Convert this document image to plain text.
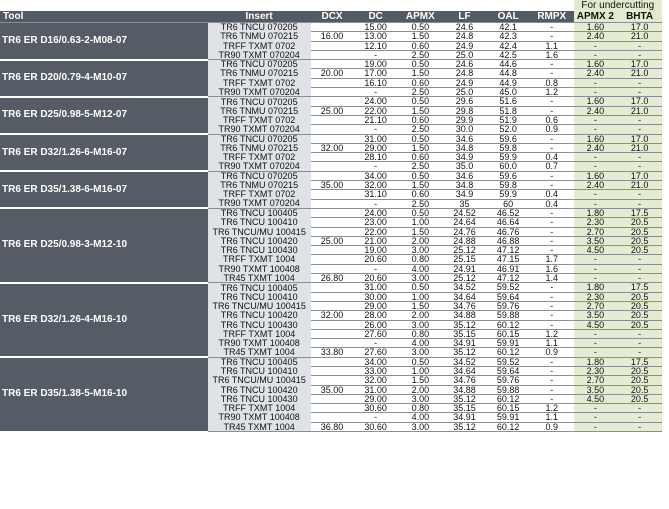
								For undercutting	
Tool	Insert	DCX	DC	APMX	LF	OAL	RMPX	APMX 2	BHTA
TR6 ER D16/0.63-2-M08-07	TR6 TNCU 070205		15.00	0.50	24.6	42.1	-	1.60	17.0
	TR6 TNMU 070215	16.00	13.00	1.50	24.8	42.3	-	2.40	21.0
	TRFF TXMT 0702		12.10	0.60	24.9	42.4	1.1	-	-
	TR90 TXMT 070204		-	2.50	25.0	42.5	1.6	-	-
TR6 ER D20/0.79-4-M10-07	TR6 TNCU 070205		19.00	0.50	24.6	44.6	-	1.60	17.0
	TR6 TNMU 070215	20.00	17.00	1.50	24.8	44.8	-	2.40	21.0
	TRFF TXMT 0702		16.10	0.60	24.9	44.9	0.8	-	-
	TR90 TXMT 070204		-	2.50	25.0	45.0	1.2	-	-
TR6 ER D25/0.98-5-M12-07	TR6 TNCU 070205		24.00	0.50	29.6	51.6	-	1.60	17.0
	TR6 TNMU 070215	25.00	22.00	1.50	29.8	51.8	-	2.40	21.0
	TRFF TXMT 0702		21.10	0.60	29.9	51.9	0.6	-	-
	TR90 TXMT 070204		-	2.50	30.0	52.0	0.9	-	-
TR6 ER D32/1.26-6-M16-07	TR6 TNCU 070205		31.00	0.50	34.6	59.6	-	1.60	17.0
	TR6 TNMU 070215	32.00	29.00	1.50	34.8	59.8	-	2.40	21.0
	TRFF TXMT 0702		28.10	0.60	34.9	59.9	0.4	-	-
	TR90 TXMT 070204		-	2.50	35.0	60.0	0.7	-	-
TR6 ER D35/1.38-6-M16-07	TR6 TNCU 070205		34.00	0.50	34.6	59.6	-	1.60	17.0
	TR6 TNMU 070215	35.00	32.00	1.50	34.8	59.8	-	2.40	21.0
	TRFF TXMT 0702		31.10	0.60	34.9	59.9	0.4	-	-
	TR90 TXMT 070204		-	2.50	35	60	0.4	-	-
TR6 ER D25/0.98-3-M12-10	TR6 TNCU 100405		24.00	0.50	24.52	46.52	-	1.80	17.5
	TR6 TNCU 100410		23.00	1.00	24.64	46.64	-	2.30	20.5
	TR6 TNCU/MU 100415		22.00	1.50	24.76	46.76	-	2.70	20.5
	TR6 TNCU 100420	25.00	21.00	2.00	24.88	46.88	-	3.50	20.5
	TR6 TNCU 100430		19.00	3.00	25.12	47.12	-	4.50	20.5
	TRFF TXMT 1004		20.60	0.80	25.15	47.15	1.7	-	-
	TR90 TXMT 100408		-	4.00	24.91	46.91	1.6	-	-
	TR45 TXMT 1004	26.80	20.60	3.00	25.12	47.12	1.4	-	-
TR6 ER D32/1.26-4-M16-10	TR6 TNCU 100405		31.00	0.50	34.52	59.52	-	1.80	17.5
	TR6 TNCU 100410		30.00	1.00	34.64	59.64	-	2.30	20.5
	TR6 TNCU/MU 100415		29.00	1.50	34.76	59.76	-	2.70	20.5
	TR6 TNCU 100420	32.00	28.00	2.00	34.88	59.88	-	3.50	20.5
	TR6 TNCU 100430		26.00	3.00	35.12	60.12	-	4.50	20.5
	TRFF TXMT 1004		27.60	0.80	35.15	60.15	1.2	-	-
	TR90 TXMT 100408		-	4.00	34.91	59.91	1.1	-	-
	TR45 TXMT 1004	33.80	27.60	3.00	35.12	60.12	0.9	-	-
TR6 ER D35/1.38-5-M16-10	TR6 TNCU 100405		34.00	0.50	34.52	59.52	-	1.80	17.5
	TR6 TNCU 100410		33.00	1.00	34.64	59.64	-	2.30	20.5
	TR6 TNCU/MU 100415		32.00	1.50	34.76	59.76	-	2.70	20.5
	TR6 TNCU 100420	35.00	31.00	2.00	34.88	59.88	-	3.50	20.5
	TR6 TNCU 100430		29.00	3.00	35.12	60.12	-	4.50	20.5
	TRFF TXMT 1004		30.60	0.80	35.15	60.15	1.2	-	-
	TR90 TXMT 100408		-	4.00	34.91	59.91	1.1	-	-
	TR45 TXMT 1004	36.80	30.60	3.00	35.12	60.12	0.9	-	-
